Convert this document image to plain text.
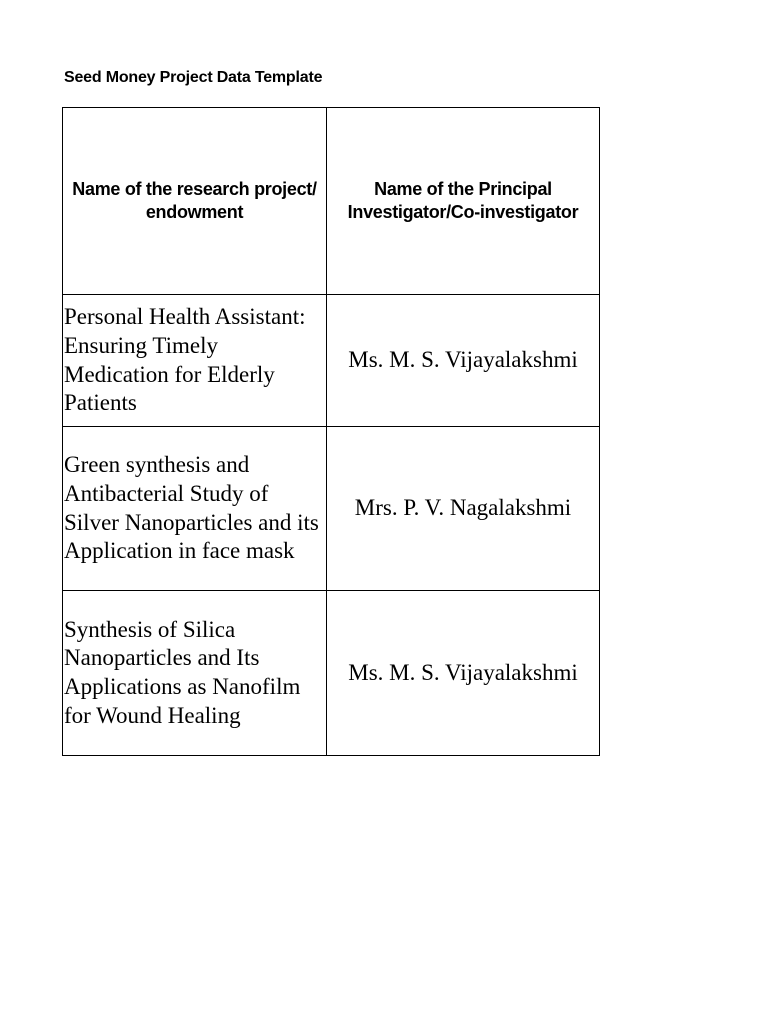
Seed Money Project Data Template
Name of the research project/ endowment	Name of the Principal Investigator/Co-investigator

Personal Health Assistant: Ensuring Timely Medication for Elderly Patients	Ms. M. S. Vijayalakshmi

Green synthesis and Antibacterial Study of Silver Nanoparticles and its Application in face mask	Mrs. P. V. Nagalakshmi

Synthesis of Silica Nanoparticles and Its Applications as Nanofilm for Wound Healing	Ms. M. S. Vijayalakshmi
